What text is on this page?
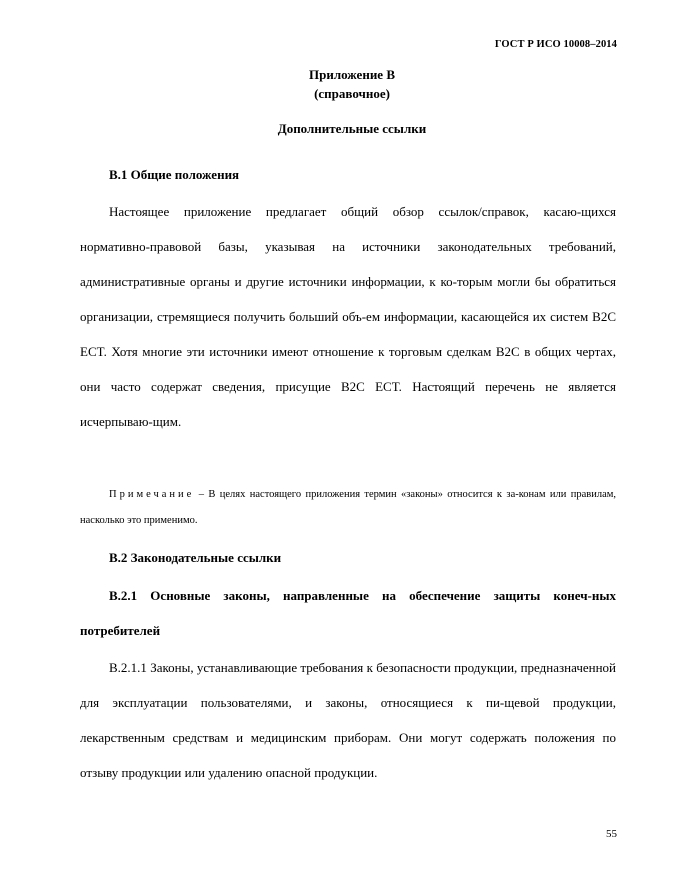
ГОСТ Р ИСО 10008–2014
Приложение В
(справочное)
Дополнительные ссылки
В.1 Общие положения
Настоящее приложение предлагает общий обзор ссылок/справок, касаю-щихся нормативно-правовой базы, указывая на источники законодательных требований, административные органы и другие источники информации, к ко-торым могли бы обратиться организации, стремящиеся получить больший объ-ем информации, касающейся их систем B2C ECT. Хотя многие эти источники имеют отношение к торговым сделкам B2C в общих чертах, они часто содержат сведения, присущие B2C ECT. Настоящий перечень не является исчерпываю-щим.
Примечание – В целях настоящего приложения термин «законы» относится к за-конам или правилам, насколько это применимо.
В.2 Законодательные ссылки
В.2.1 Основные законы, направленные на обеспечение защиты конеч-ных потребителей
В.2.1.1 Законы, устанавливающие требования к безопасности продукции, предназначенной для эксплуатации пользователями, и законы, относящиеся к пи-щевой продукции, лекарственным средствам и медицинским приборам. Они могут содержать положения по отзыву продукции или удалению опасной продукции.
55
